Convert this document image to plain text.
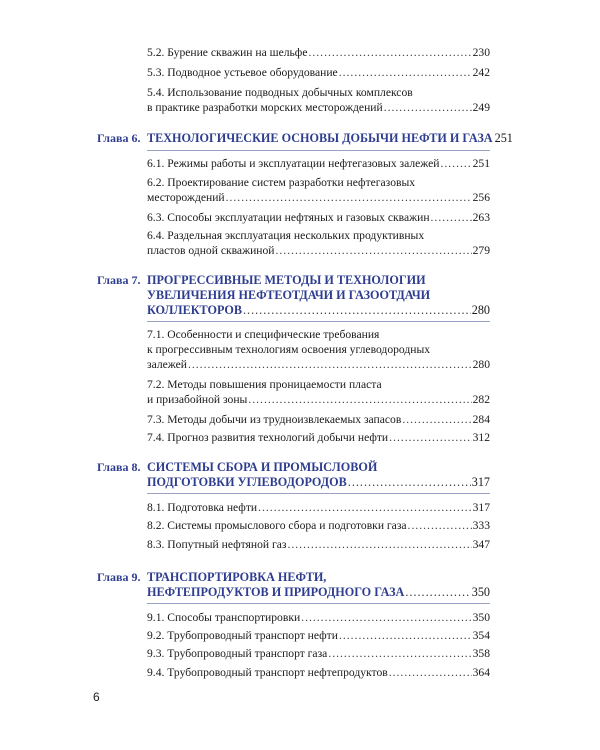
5.2. Бурение скважин на шельфе .....	230
5.3. Подводное устьевое оборудование .....	242
5.4. Использование подводных добычных комплексов
в практике разработки морских месторождений .....	249
Глава 6. ТЕХНОЛОГИЧЕСКИЕ ОСНОВЫ ДОБЫЧИ НЕФТИ И ГАЗА 251
6.1. Режимы работы и эксплуатации нефтегазовых залежей .....	251
6.2. Проектирование систем разработки нефтегазовых
месторождений .....	256
6.3. Способы эксплуатации нефтяных и газовых скважин .....	263
6.4. Раздельная эксплуатация нескольких продуктивных
пластов одной скважиной .....	279
Глава 7. ПРОГРЕССИВНЫЕ МЕТОДЫ И ТЕХНОЛОГИИ
УВЕЛИЧЕНИЯ НЕФТЕОТДАЧИ И ГАЗООТДАЧИ
КОЛЛЕКТОРОВ .....	280
7.1. Особенности и специфические требования
к прогрессивным технологиям освоения углеводородных
залежей .....	280
7.2. Методы повышения проницаемости пласта
и призабойной зоны .....	282
7.3. Методы добычи из трудноизвлекаемых запасов .....	284
7.4. Прогноз развития технологий добычи нефти .....	312
Глава 8. СИСТЕМЫ СБОРА И ПРОМЫСЛОВОЙ
ПОДГОТОВКИ УГЛЕВОДОРОДОВ .....	317
8.1. Подготовка нефти .....	317
8.2. Системы промыслового сбора и подготовки газа .....	333
8.3. Попутный нефтяной газ .....	347
Глава 9. ТРАНСПОРТИРОВКА НЕФТИ,
НЕФТЕПРОДУКТОВ И ПРИРОДНОГО ГАЗА .....	350
9.1. Способы транспортировки .....	350
9.2. Трубопроводный транспорт нефти .....	354
9.3. Трубопроводный транспорт газа .....	358
9.4. Трубопроводный транспорт нефтепродуктов .....	364
6
